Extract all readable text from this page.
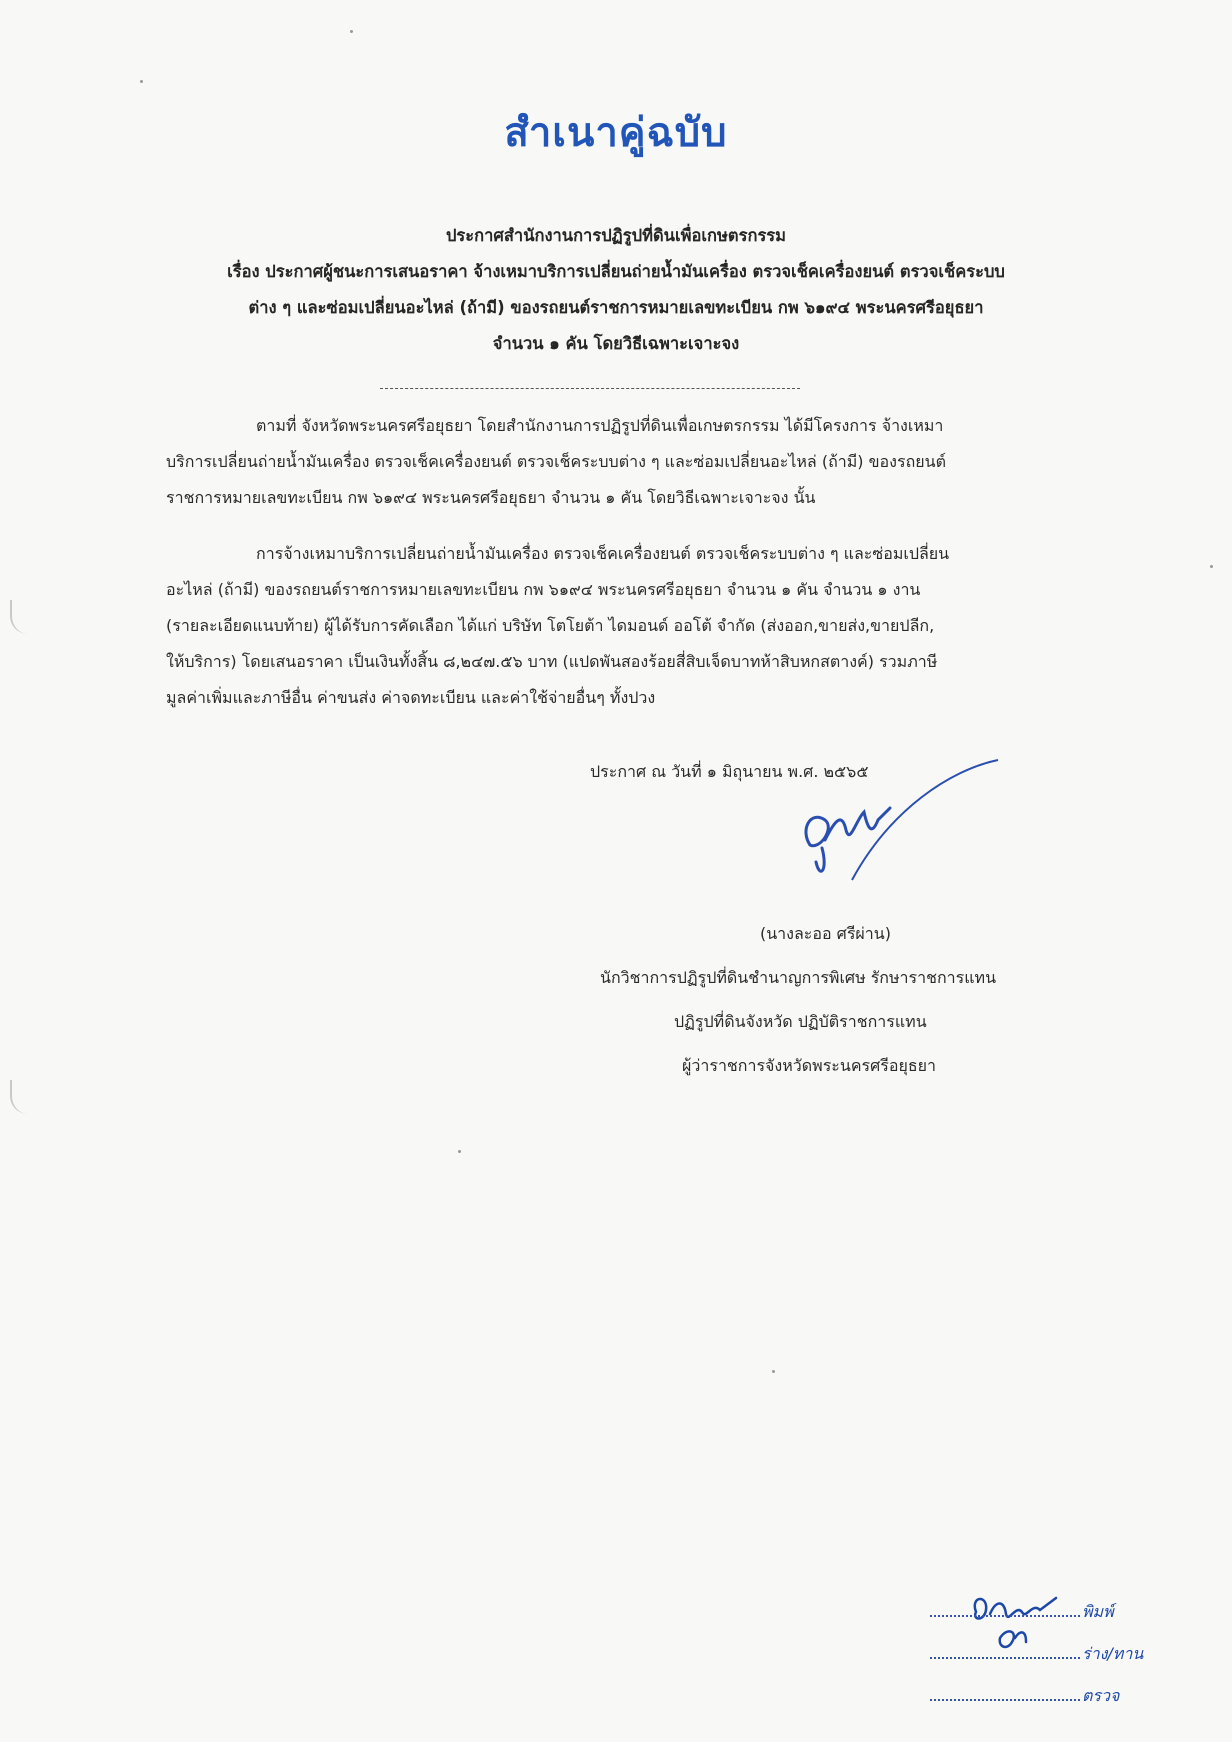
สำเนาคู่ฉบับ
ประกาศสำนักงานการปฏิรูปที่ดินเพื่อเกษตรกรรม
เรื่อง ประกาศผู้ชนะการเสนอราคา จ้างเหมาบริการเปลี่ยนถ่ายน้ำมันเครื่อง ตรวจเช็คเครื่องยนต์ ตรวจเช็คระบบ
ต่าง ๆ และซ่อมเปลี่ยนอะไหล่ (ถ้ามี) ของรถยนต์ราชการหมายเลขทะเบียน กพ ๖๑๙๔ พระนครศรีอยุธยา
จำนวน ๑ คัน โดยวิธีเฉพาะเจาะจง
ตามที่ จังหวัดพระนครศรีอยุธยา โดยสำนักงานการปฏิรูปที่ดินเพื่อเกษตรกรรม ได้มีโครงการ จ้างเหมา
บริการเปลี่ยนถ่ายน้ำมันเครื่อง ตรวจเช็คเครื่องยนต์ ตรวจเช็คระบบต่าง ๆ และซ่อมเปลี่ยนอะไหล่ (ถ้ามี) ของรถยนต์
ราชการหมายเลขทะเบียน กพ ๖๑๙๔ พระนครศรีอยุธยา จำนวน ๑ คัน โดยวิธีเฉพาะเจาะจง นั้น
การจ้างเหมาบริการเปลี่ยนถ่ายน้ำมันเครื่อง ตรวจเช็คเครื่องยนต์ ตรวจเช็คระบบต่าง ๆ และซ่อมเปลี่ยน
อะไหล่ (ถ้ามี) ของรถยนต์ราชการหมายเลขทะเบียน กพ ๖๑๙๔ พระนครศรีอยุธยา จำนวน ๑ คัน จำนวน ๑ งาน
(รายละเอียดแนบท้าย) ผู้ได้รับการคัดเลือก ได้แก่ บริษัท โตโยต้า ไดมอนด์ ออโต้ จำกัด (ส่งออก,ขายส่ง,ขายปลีก,
ให้บริการ) โดยเสนอราคา เป็นเงินทั้งสิ้น ๘,๒๔๗.๕๖ บาท (แปดพันสองร้อยสี่สิบเจ็ดบาทห้าสิบหกสตางค์) รวมภาษี
มูลค่าเพิ่มและภาษีอื่น ค่าขนส่ง ค่าจดทะเบียน และค่าใช้จ่ายอื่นๆ ทั้งปวง
ประกาศ ณ วันที่ ๑ มิถุนายน พ.ศ. ๒๕๖๕
(นางละออ ศรีผ่าน)
นักวิชาการปฏิรูปที่ดินชำนาญการพิเศษ รักษาราชการแทน
ปฏิรูปที่ดินจังหวัด ปฏิบัติราชการแทน
ผู้ว่าราชการจังหวัดพระนครศรีอยุธยา
พิมพ์
ร่าง/ทาน
ตรวจ
